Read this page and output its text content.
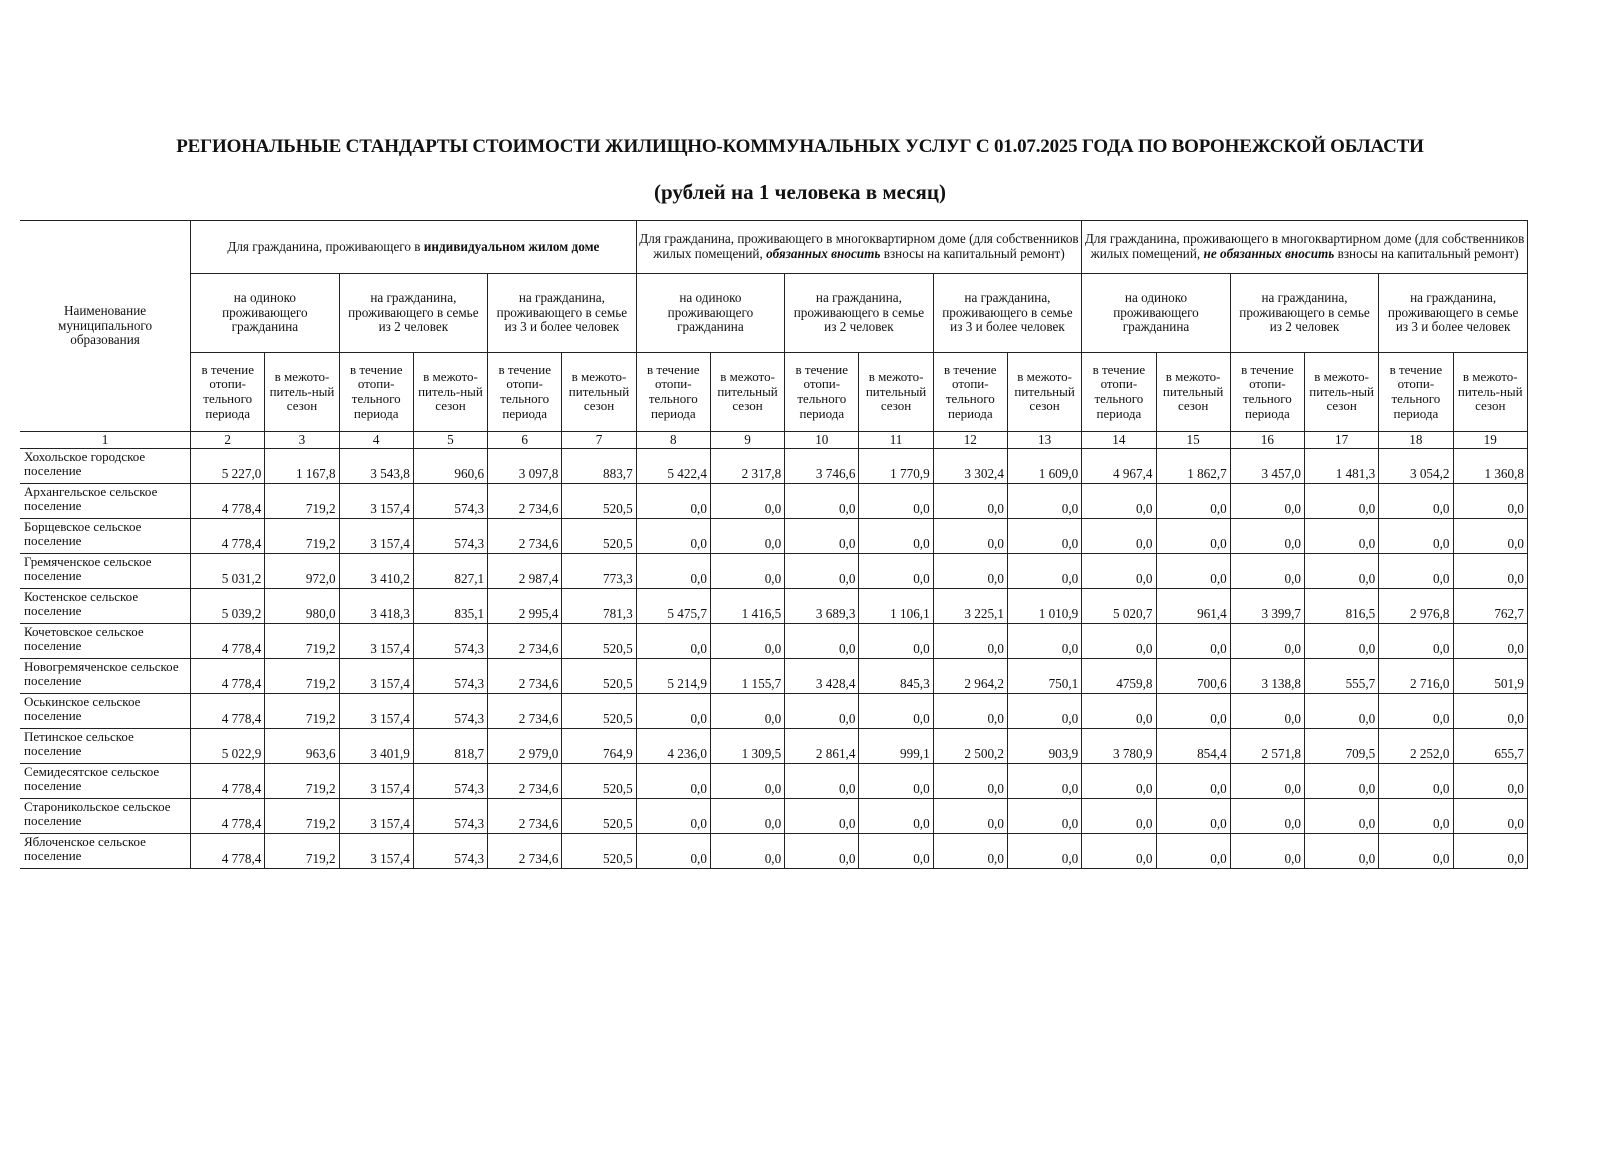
РЕГИОНАЛЬНЫЕ СТАНДАРТЫ СТОИМОСТИ ЖИЛИЩНО-КОММУНАЛЬНЫХ УСЛУГ С 01.07.2025 ГОДА ПО ВОРОНЕЖСКОЙ ОБЛАСТИ
(рублей на 1 человека в месяц)
Наименование муниципального образования	Для гражданина, проживающего в индивидуальном жилом доме						Для гражданина, проживающего в многоквартирном доме (для собственников жилых помещений, обязанных вносить взносы на капитальный ремонт)						Для гражданина, проживающего в многоквартирном доме (для собственников жилых помещений, не обязанных вносить взносы на капитальный ремонт)					
	на одиноко проживающего гражданина		на гражданина, проживающего в семье из 2 человек		на гражданина, проживающего в семье из 3 и более человек		на одиноко проживающего гражданина		на гражданина, проживающего в семье из 2 человек		на гражданина, проживающего в семье из 3 и более человек		на одиноко проживающего гражданина		на гражданина, проживающего в семье из 2 человек		на гражданина, проживающего в семье из 3 и более человек	
	в течение отопи-тельного периода	в межото-питель-ный сезон	в течение отопи-тельного периода	в межото-питель-ный сезон	в течение отопи-тельного периода	в межото-пительный сезон	в течение отопи-тельного периода	в межото-пительный сезон	в течение отопи-тельного периода	в межото-пительный сезон	в течение отопи-тельного периода	в межото-пительный сезон	в течение отопи-тельного периода	в межото-пительный сезон	в течение отопи-тельного периода	в межото-питель-ный сезон	в течение отопи-тельного периода	в межото-питель-ный сезон
1	2	3	4	5	6	7	8	9	10	11	12	13	14	15	16	17	18	19
Хохольское городское поселение	5 227,0	1 167,8	3 543,8	960,6	3 097,8	883,7	5 422,4	2 317,8	3 746,6	1 770,9	3 302,4	1 609,0	4 967,4	1 862,7	3 457,0	1 481,3	3 054,2	1 360,8
Архангельское сельское поселение	4 778,4	719,2	3 157,4	574,3	2 734,6	520,5	0,0	0,0	0,0	0,0	0,0	0,0	0,0	0,0	0,0	0,0	0,0	0,0
Борщевское сельское поселение	4 778,4	719,2	3 157,4	574,3	2 734,6	520,5	0,0	0,0	0,0	0,0	0,0	0,0	0,0	0,0	0,0	0,0	0,0	0,0
Гремяченское сельское поселение	5 031,2	972,0	3 410,2	827,1	2 987,4	773,3	0,0	0,0	0,0	0,0	0,0	0,0	0,0	0,0	0,0	0,0	0,0	0,0
Костенское сельское поселение	5 039,2	980,0	3 418,3	835,1	2 995,4	781,3	5 475,7	1 416,5	3 689,3	1 106,1	3 225,1	1 010,9	5 020,7	961,4	3 399,7	816,5	2 976,8	762,7
Кочетовское сельское поселение	4 778,4	719,2	3 157,4	574,3	2 734,6	520,5	0,0	0,0	0,0	0,0	0,0	0,0	0,0	0,0	0,0	0,0	0,0	0,0
Новогремяченское сельское поселение	4 778,4	719,2	3 157,4	574,3	2 734,6	520,5	5 214,9	1 155,7	3 428,4	845,3	2 964,2	750,1	4759,8	700,6	3 138,8	555,7	2 716,0	501,9
Оськинское сельское поселение	4 778,4	719,2	3 157,4	574,3	2 734,6	520,5	0,0	0,0	0,0	0,0	0,0	0,0	0,0	0,0	0,0	0,0	0,0	0,0
Петинское сельское поселение	5 022,9	963,6	3 401,9	818,7	2 979,0	764,9	4 236,0	1 309,5	2 861,4	999,1	2 500,2	903,9	3 780,9	854,4	2 571,8	709,5	2 252,0	655,7
Семидесятское сельское поселение	4 778,4	719,2	3 157,4	574,3	2 734,6	520,5	0,0	0,0	0,0	0,0	0,0	0,0	0,0	0,0	0,0	0,0	0,0	0,0
Староникольское сельское поселение	4 778,4	719,2	3 157,4	574,3	2 734,6	520,5	0,0	0,0	0,0	0,0	0,0	0,0	0,0	0,0	0,0	0,0	0,0	0,0
Яблоченское сельское поселение	4 778,4	719,2	3 157,4	574,3	2 734,6	520,5	0,0	0,0	0,0	0,0	0,0	0,0	0,0	0,0	0,0	0,0	0,0	0,0
